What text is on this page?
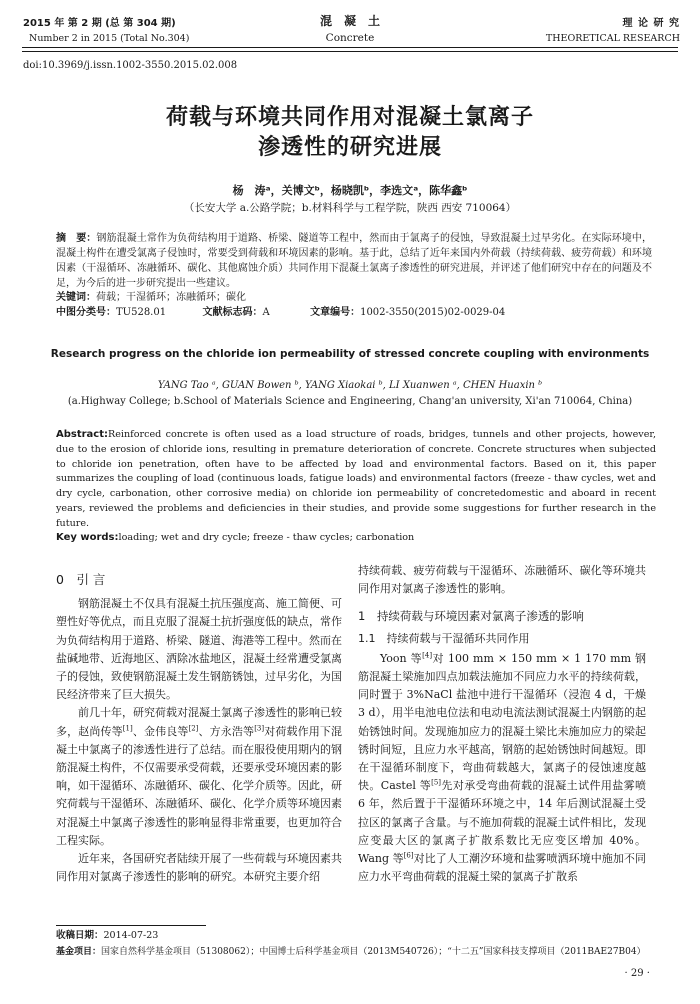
2015 年 第 2 期 (总 第 304 期)
Number 2 in 2015 (Total No.304)
混　凝　土
Concrete
理 论 研 究
THEORETICAL RESEARCH
doi:10.3969/j.issn.1002-3550.2015.02.008
荷载与环境共同作用对混凝土氯离子
渗透性的研究进展
杨　涛ᵃ，关博文ᵇ，杨晓凯ᵇ，李选文ᵃ，陈华鑫ᵇ
（长安大学 a.公路学院；b.材料科学与工程学院，陕西 西安 710064）
摘　要：钢筋混凝土常作为负荷结构用于道路、桥梁、隧道等工程中，然而由于氯离子的侵蚀，导致混凝土过早劣化。在实际环境中，混凝土构件在遭受氯离子侵蚀时，常要受到荷载和环境因素的影响。基于此，总结了近年来国内外荷载（持续荷载、疲劳荷载）和环境因素（干湿循环、冻融循环、碳化、其他腐蚀介质）共同作用下混凝土氯离子渗透性的研究进展，并评述了他们研究中存在的问题及不足，为今后的进一步研究提出一些建议。
关键词：荷载；干湿循环；冻融循环；碳化
中图分类号：TU528.01	文献标志码：A	文章编号：1002-3550(2015)02-0029-04
Research progress on the chloride ion permeability of stressed concrete coupling with environments
YANG Tao ᵃ, GUAN Bowen ᵇ, YANG Xiaokai ᵇ, LI Xuanwen ᵃ, CHEN Huaxin ᵇ
(a.Highway College; b.School of Materials Science and Engineering, Chang'an university, Xi'an 710064, China)
Abstract:Reinforced concrete is often used as a load structure of roads, bridges, tunnels and other projects, however, due to the erosion of chloride ions, resulting in premature deterioration of concrete. Concrete structures when subjected to chloride ion penetration, often have to be affected by load and environmental factors. Based on it, this paper summarizes the coupling of load (continuous loads, fatigue loads) and environmental factors (freeze - thaw cycles, wet and dry cycle, carbonation, other corrosive media) on chloride ion permeability of concretedomestic and aboard in recent years, reviewed the problems and deficiencies in their studies, and provide some suggestions for further research in the future.
Key words:loading; wet and dry cycle; freeze - thaw cycles; carbonation
0　引 言

钢筋混凝土不仅具有混凝土抗压强度高、施工简便、可塑性好等优点，而且克服了混凝土抗折强度低的缺点，常作为负荷结构用于道路、桥梁、隧道、海港等工程中。然而在盐碱地带、近海地区、洒除冰盐地区，混凝土经常遭受氯离子的侵蚀，致使钢筋混凝土发生钢筋锈蚀，过早劣化，为国民经济带来了巨大损失。

前几十年，研究荷载对混凝土氯离子渗透性的影响已较多，赵尚传等[1]、金伟良等[2]、方永浩等[3]对荷载作用下混凝土中氯离子的渗透性进行了总结。而在服役使用期内的钢筋混凝土构件，不仅需要承受荷载，还要承受环境因素的影响，如干湿循环、冻融循环、碳化、化学介质等。因此，研究荷载与干湿循环、冻融循环、碳化、化学介质等环境因素对混凝土中氯离子渗透性的影响显得非常重要，也更加符合工程实际。

近年来，各国研究者陆续开展了一些荷载与环境因素共同作用对氯离子渗透性的影响的研究。本研究主要介绍

持续荷载、疲劳荷载与干湿循环、冻融循环、碳化等环境共同作用对氯离子渗透性的影响。

1　持续荷载与环境因素对氯离子渗透的影响
1.1　持续荷载与干湿循环共同作用

Yoon 等[4]对 100 mm × 150 mm × 1 170 mm 钢筋混凝土梁施加四点加载法施加不同应力水平的持续荷载，同时置于 3%NaCl 盐池中进行干湿循环（浸泡 4 d，干燥 3 d），用半电池电位法和电动电流法测试混凝土内钢筋的起始锈蚀时间。发现施加应力的混凝土梁比未施加应力的梁起锈时间短，且应力水平越高，钢筋的起始锈蚀时间越短。即在干湿循环制度下，弯曲荷载越大，氯离子的侵蚀速度越快。Castel 等[5]先对承受弯曲荷载的混凝土试件用盐雾喷 6 年，然后置于干湿循环环境之中，14 年后测试混凝土受拉区的氯离子含量。与不施加荷载的混凝土试件相比，发现应变最大区的氯离子扩散系数比无应变区增加 40%。Wang 等[6]对比了人工潮汐环境和盐雾喷洒环境中施加不同应力水平弯曲荷载的混凝土梁的氯离子扩散系

收稿日期：2014-07-23
基金项目：国家自然科学基金项目（51308062）；中国博士后科学基金项目（2013M540726）；“十二五”国家科技支撑项目（2011BAE27B04）
· 29 ·
